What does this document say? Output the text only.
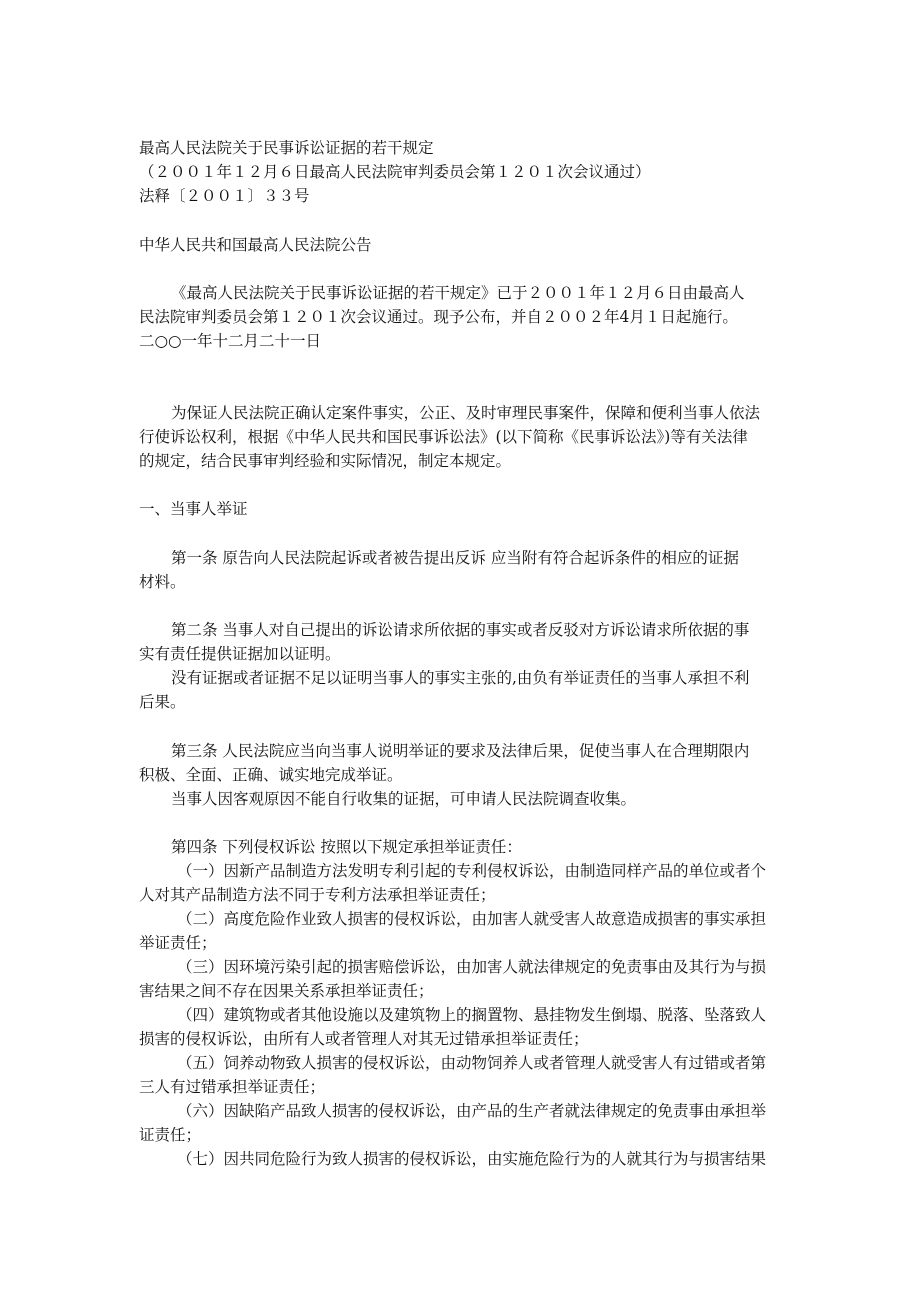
最高人民法院关于民事诉讼证据的若干规定
（２００１年１２月６日最高人民法院审判委员会第１２０１次会议通过）
法释〔２００１〕３３号
中华人民共和国最高人民法院公告
《最高人民法院关于民事诉讼证据的若干规定》已于２００１年１２月６日由最高人
民法院审判委员会第１２０１次会议通过。现予公布，并自２００２年4月１日起施行。
二○○一年十二月二十一日
为保证人民法院正确认定案件事实，公正、及时审理民事案件，保障和便利当事人依法
行使诉讼权利，根据《中华人民共和国民事诉讼法》(以下简称《民事诉讼法》)等有关法律
的规定，结合民事审判经验和实际情况，制定本规定。
一、当事人举证
第一条 原告向人民法院起诉或者被告提出反诉 应当附有符合起诉条件的相应的证据
材料。
第二条 当事人对自己提出的诉讼请求所依据的事实或者反驳对方诉讼请求所依据的事
实有责任提供证据加以证明。
没有证据或者证据不足以证明当事人的事实主张的,由负有举证责任的当事人承担不利
后果。
第三条 人民法院应当向当事人说明举证的要求及法律后果，促使当事人在合理期限内
积极、全面、正确、诚实地完成举证。
当事人因客观原因不能自行收集的证据，可申请人民法院调查收集。
第四条 下列侵权诉讼 按照以下规定承担举证责任：
（一）因新产品制造方法发明专利引起的专利侵权诉讼，由制造同样产品的单位或者个
人对其产品制造方法不同于专利方法承担举证责任；
（二）高度危险作业致人损害的侵权诉讼，由加害人就受害人故意造成损害的事实承担
举证责任；
（三）因环境污染引起的损害赔偿诉讼，由加害人就法律规定的免责事由及其行为与损
害结果之间不存在因果关系承担举证责任；
（四）建筑物或者其他设施以及建筑物上的搁置物、悬挂物发生倒塌、脱落、坠落致人
损害的侵权诉讼，由所有人或者管理人对其无过错承担举证责任；
（五）饲养动物致人损害的侵权诉讼，由动物饲养人或者管理人就受害人有过错或者第
三人有过错承担举证责任；
（六）因缺陷产品致人损害的侵权诉讼，由产品的生产者就法律规定的免责事由承担举
证责任；
（七）因共同危险行为致人损害的侵权诉讼，由实施危险行为的人就其行为与损害结果
